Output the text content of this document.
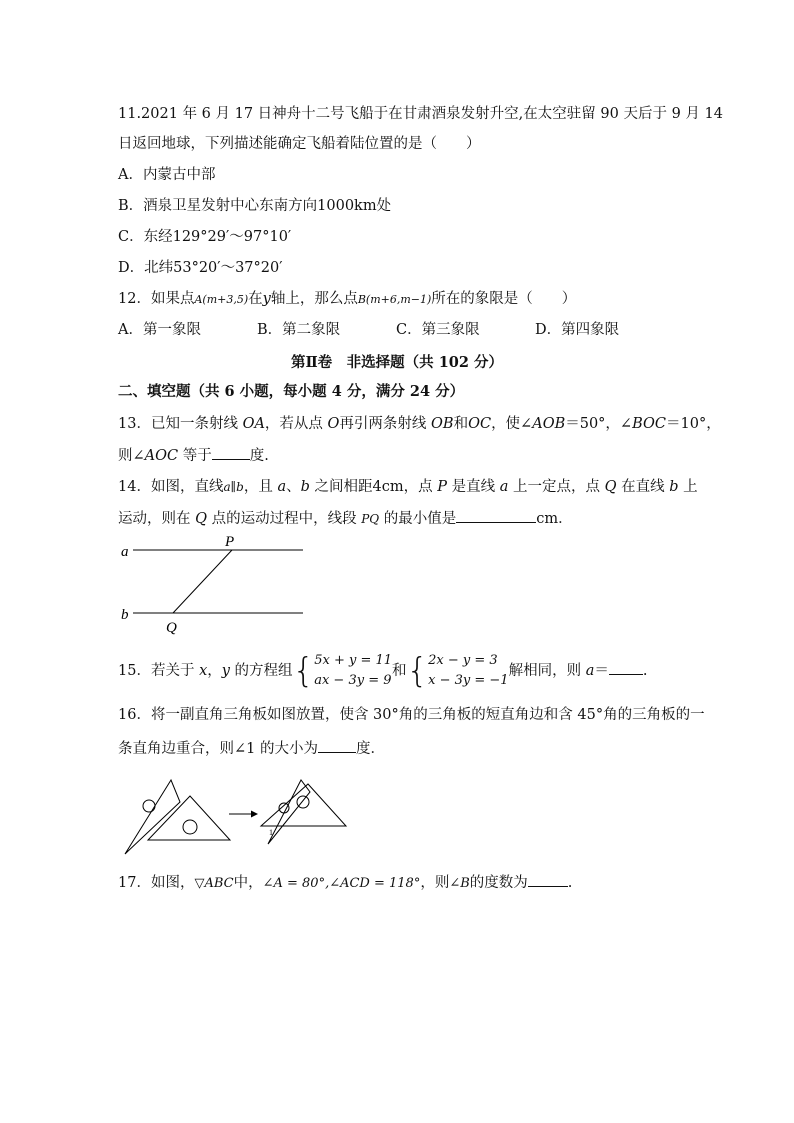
11.2021 年 6 月 17 日神舟十二号飞船于在甘肃酒泉发射升空,在太空驻留 90 天后于 9 月 14
日返回地球，下列描述能确定飞船着陆位置的是（　　）
A．内蒙古中部
B．酒泉卫星发射中心东南方向1000km处
C．东经129°29′～97°10′
D．北纬53°20′～37°20′
12．如果点A(m+3,5)在y轴上，那么点B(m+6,m−1)所在的象限是（　　）
A．第一象限	B．第二象限	C．第三象限	D．第四象限
第Ⅱ卷　非选择题（共 102 分）
二、填空题（共 6 小题，每小题 4 分，满分 24 分）
13．已知一条射线 OA，若从点 O再引两条射线 OB和OC，使∠AOB＝50°，∠BOC＝10°，
则∠AOC 等于	度.
14．如图，直线a∥b，且 a、b 之间相距4cm，点 P 是直线 a 上一定点，点 Q 在直线 b 上
运动，则在 Q 点的运动过程中，线段 PQ 的最小值是	cm．
a
b
P
Q
15．若关于 x，y 的方程组{ 5x + y = 11
ax − 3y = 9
和{ 2x − y = 3
x − 3y = −1
解相同，则 a＝ .
16．将一副直角三角板如图放置，使含 30°角的三角板的短直角边和含 45°角的三角板的一
条直角边重合，则∠1 的大小为	度．
1
17．如图，▽ABC中，∠A = 80°,∠ACD = 118°，则∠B的度数为	.
